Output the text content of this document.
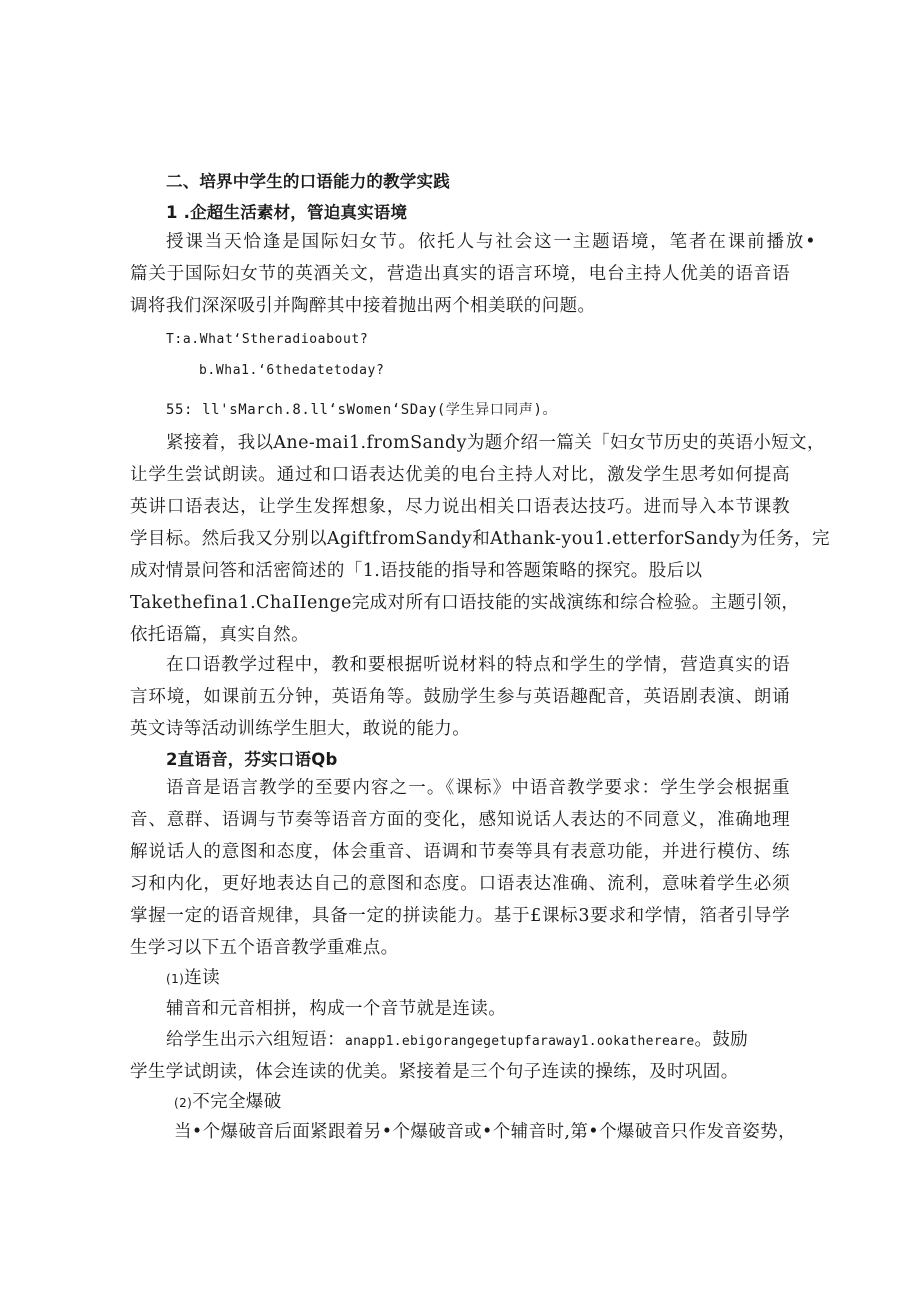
二、培界中学生的口语能力的教学实践
1 .企超生活素材，管迫真实语境
授课当天恰逢是国际妇女节。依托人与社会这一主题语境，笔者在课前播放•
篇关于国际妇女节的英酒关文，营造出真实的语言环境，电台主持人优美的语音语
调将我们深深吸引并陶醉其中接着抛出两个相美联的问题。
T:a.What‘Stheradioabout?
b.Wha1.‘6thedatetoday?
55: ll'sMarch.8.ll‘sWomen‘SDay(学生异口同声)。
紧接着，我以Ane-mai1.fromSandy为题介绍一篇关「妇女节历史的英语小短文，
让学生尝试朗读。通过和口语表达优美的电台主持人对比，激发学生思考如何提高
英讲口语表达，让学生发挥想象，尽力说出相关口语表达技巧。进而导入本节课教
学目标。然后我又分别以AgiftfromSandy和Athank-you1.etterforSandy为任务，完
成对情景问答和活密简述的「1.语技能的指导和答题策略的探究。股后以
Takethefina1.ChaIIenge完成对所有口语技能的实战演练和综合检验。主题引领，
依托语篇，真实自然。
在口语教学过程中，教和要根据听说材料的特点和学生的学情，营造真实的语
言环境，如课前五分钟，英语角等。鼓励学生参与英语趣配音，英语剧表演、朗诵
英文诗等活动训练学生胆大，敢说的能力。
2直语音，芬实口语Qb
语音是语言教学的至要内容之一。《课标》中语音教学要求：学生学会根据重
音、意群、语调与节奏等语音方面的变化，感知说话人表达的不同意义，准确地理
解说话人的意图和态度，体会重音、语调和节奏等具有表意功能，并进行模仿、练
习和内化，更好地表达自己的意图和态度。口语表达准确、流利，意味着学生必须
掌握一定的语音规律，具备一定的拼读能力。基于£课标3要求和学情，箔者引导学
生学习以下五个语音教学重难点。
(1)连读
辅音和元音相拼，构成一个音节就是连读。
给学生出示六组短语：anapp1.ebigorangegetupfaraway1.ookathereare。鼓励
学生学试朗读，体会连读的优美。紧接着是三个句子连读的操练，及时巩固。
(2)不完全爆破
当•个爆破音后面紧跟着另•个爆破音或•个辅音时,第•个爆破音只作发音姿势，
